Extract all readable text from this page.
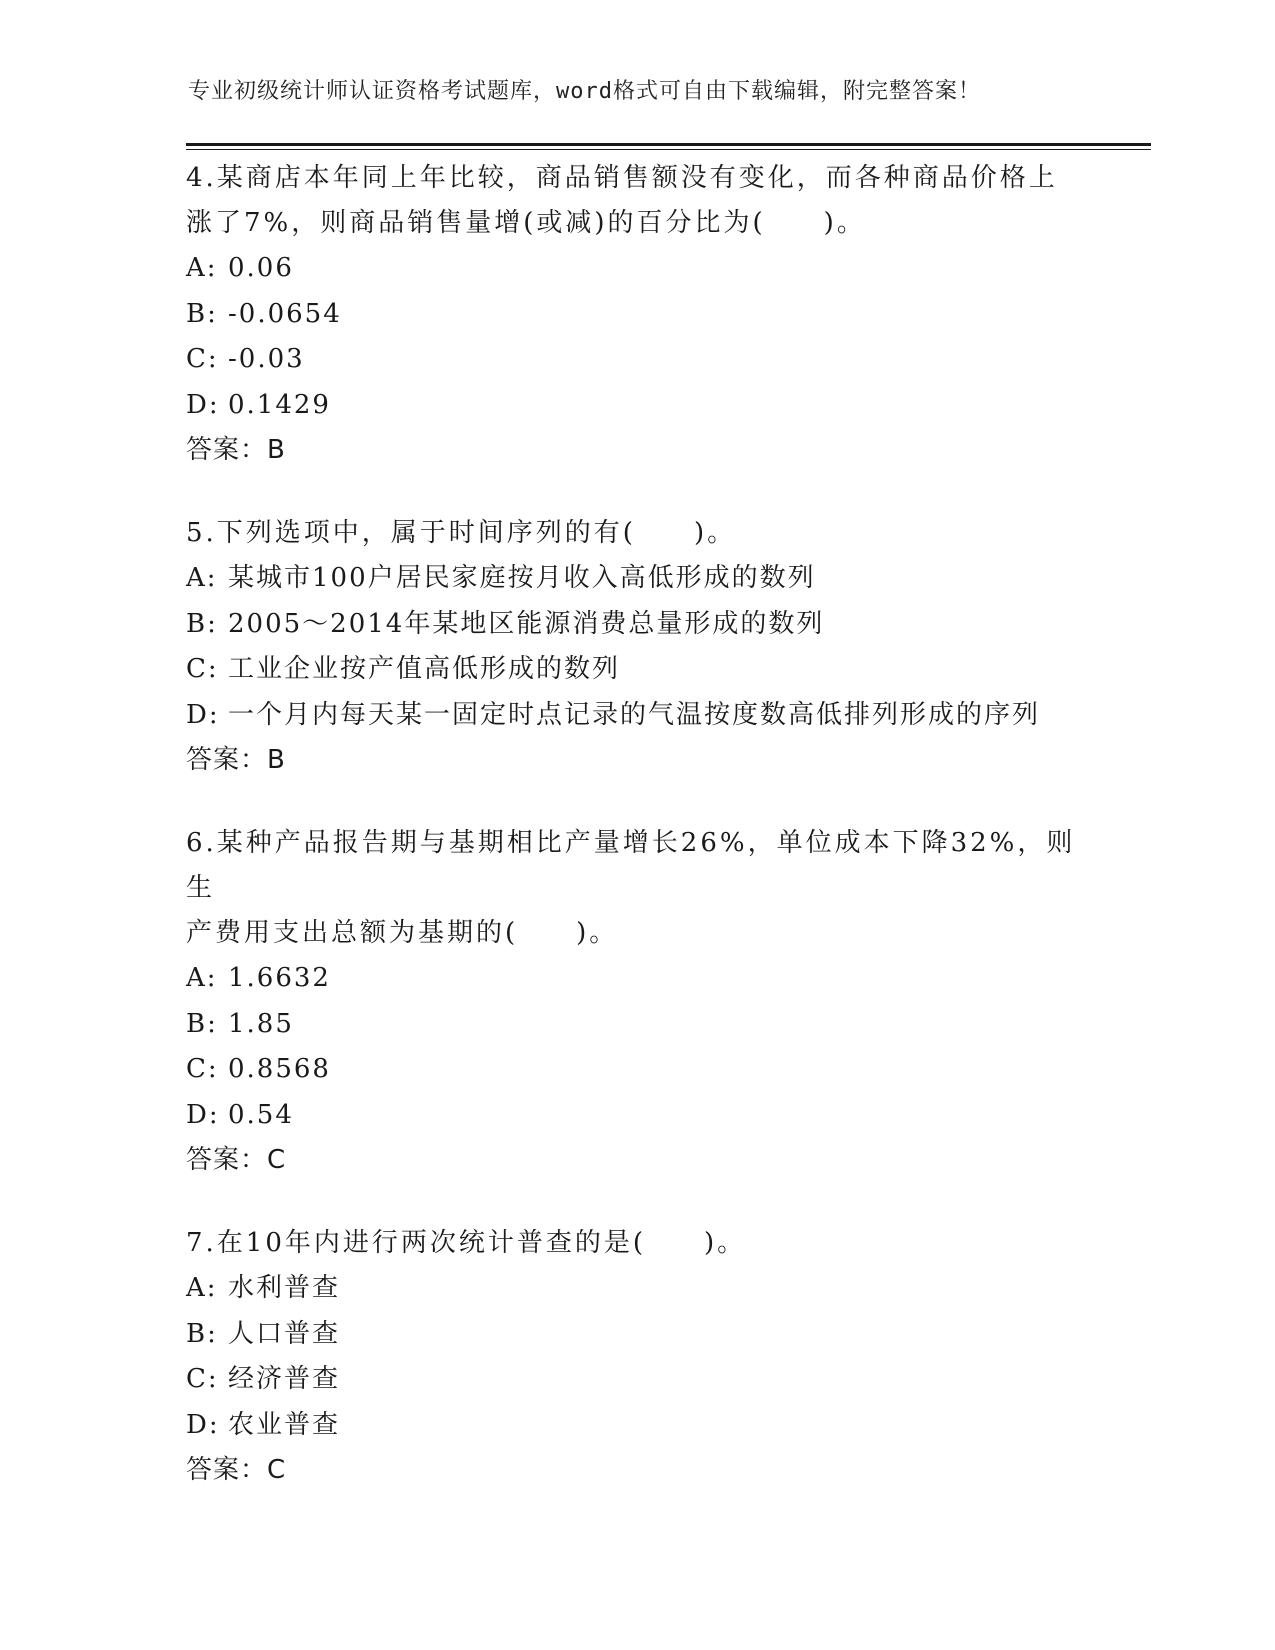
专业初级统计师认证资格考试题库，word格式可自由下载编辑，附完整答案！
4.某商店本年同上年比较，商品销售额没有变化，而各种商品价格上
涨了7%，则商品销售量增(或减)的百分比为(　　)。
A: 0.06
B: -0.0654
C: -0.03
D: 0.1429
答案：B
5.下列选项中，属于时间序列的有(　　)。
A: 某城市100户居民家庭按月收入高低形成的数列
B: 2005～2014年某地区能源消费总量形成的数列
C: 工业企业按产值高低形成的数列
D: 一个月内每天某一固定时点记录的气温按度数高低排列形成的序列
答案：B
6.某种产品报告期与基期相比产量增长26%，单位成本下降32%，则生
产费用支出总额为基期的(　　)。
A: 1.6632
B: 1.85
C: 0.8568
D: 0.54
答案：C
7.在10年内进行两次统计普查的是(　　)。
A: 水利普查
B: 人口普查
C: 经济普查
D: 农业普查
答案：C
